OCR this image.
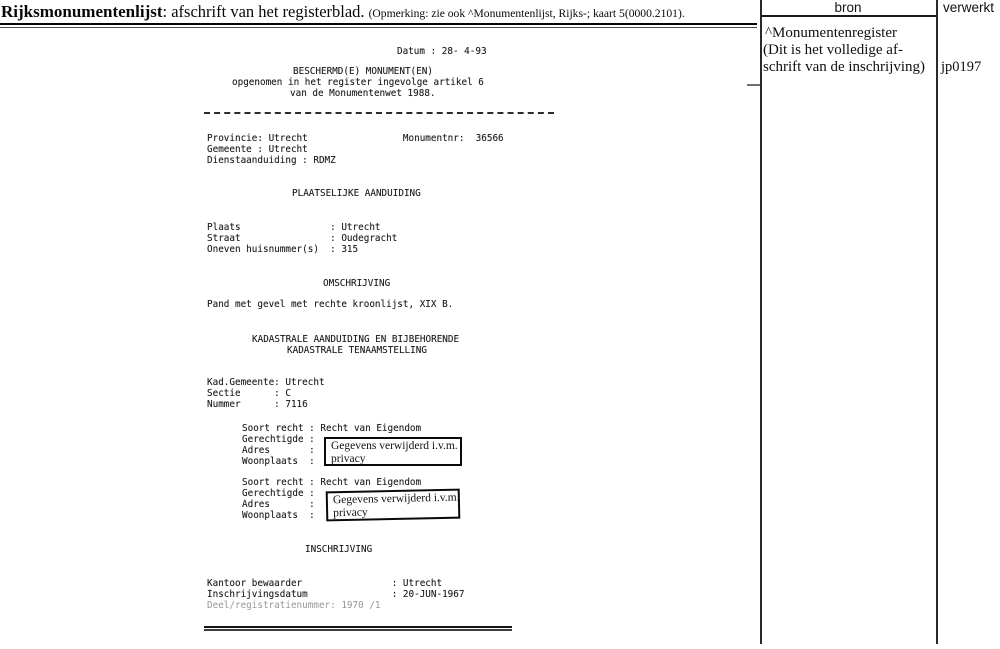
Rijksmonumentenlijst: afschrift van het registerblad. (Opmerking: zie ook ^Monumentenlijst, Rijks-; kaart 5(0000.2101).	bron	verwerkt
^Monumentenregister
(Dit is het volledige af-
schrift van de inschrijving) jp0197
Datum : 28- 4-93
BESCHERMD(E) MONUMENT(EN)
opgenomen in het register ingevolge artikel 6
van de Monumentenwet 1988.
Provincie: Utrecht                 Monumentnr:  36566
Gemeente : Utrecht
Dienstaanduiding : RDMZ
PLAATSELIJKE AANDUIDING
Plaats                : Utrecht
Straat                : Oudegracht
Oneven huisnummer(s)  : 315
OMSCHRIJVING
Pand met gevel met rechte kroonlijst, XIX B.
KADASTRALE AANDUIDING EN BIJBEHORENDE
KADASTRALE TENAAMSTELLING
Kad.Gemeente: Utrecht
Sectie      : C
Nummer      : 7116
Soort recht : Recht van Eigendom
Gerechtigde :
Adres       :
Woonplaats  :
Gegevens verwijderd i.v.m.
privacy
Soort recht : Recht van Eigendom
Gerechtigde :
Adres       :
Woonplaats  :
Gegevens verwijderd i.v.m.
privacy
INSCHRIJVING
Kantoor bewaarder                : Utrecht
Inschrijvingsdatum               : 20-JUN-1967
Deel/registratienummer: 1970 /1
